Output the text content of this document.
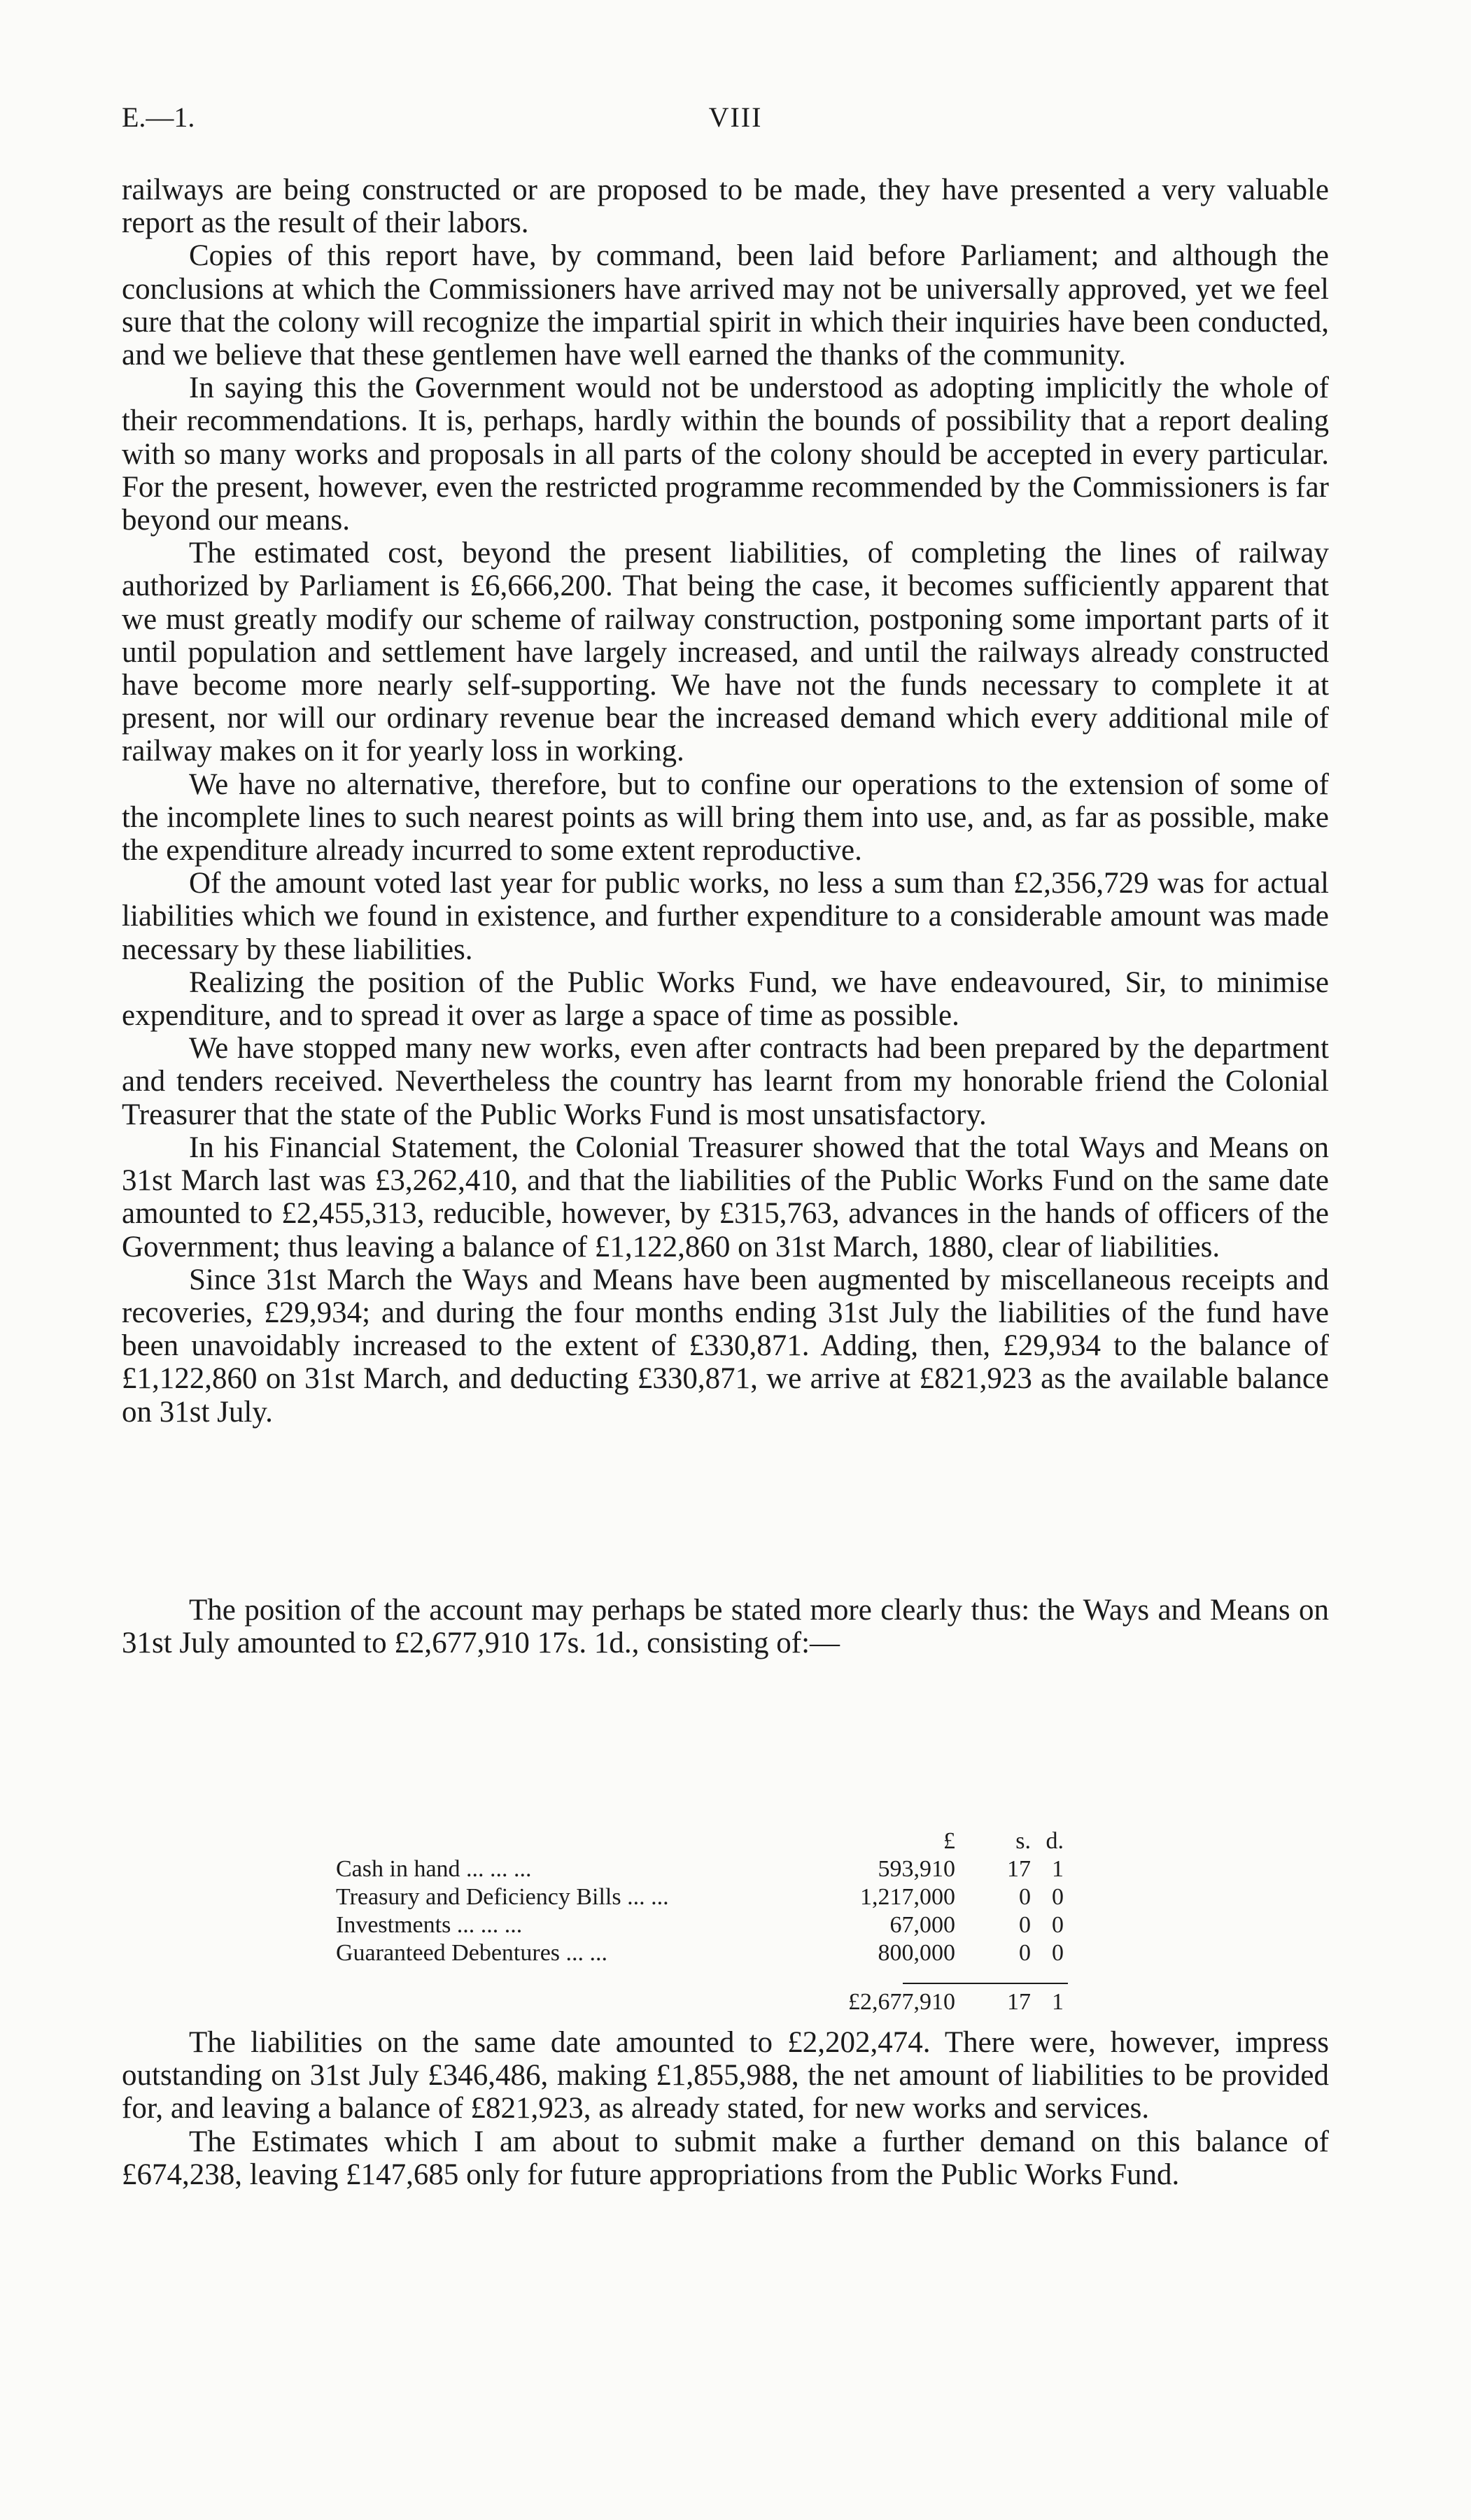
E.—1.	VIII

railways are being constructed or are proposed to be made, they have presented a very valuable report as the result of their labors.

Copies of this report have, by command, been laid before Parliament; and although the conclusions at which the Commissioners have arrived may not be universally approved, yet we feel sure that the colony will recognize the impartial spirit in which their inquiries have been conducted, and we believe that these gentlemen have well earned the thanks of the community.

In saying this the Government would not be understood as adopting implicitly the whole of their recommendations. It is, perhaps, hardly within the bounds of possibility that a report dealing with so many works and proposals in all parts of the colony should be accepted in every particular. For the present, however, even the restricted programme recommended by the Commissioners is far beyond our means.

The estimated cost, beyond the present liabilities, of completing the lines of railway authorized by Parliament is £6,666,200. That being the case, it becomes sufficiently apparent that we must greatly modify our scheme of railway construction, postponing some important parts of it until population and settlement have largely increased, and until the railways already constructed have become more nearly self-supporting. We have not the funds necessary to complete it at present, nor will our ordinary revenue bear the increased demand which every additional mile of railway makes on it for yearly loss in working.

We have no alternative, therefore, but to confine our operations to the extension of some of the incomplete lines to such nearest points as will bring them into use, and, as far as possible, make the expenditure already incurred to some extent reproductive.

Of the amount voted last year for public works, no less a sum than £2,356,729 was for actual liabilities which we found in existence, and further expenditure to a considerable amount was made necessary by these liabilities.

Realizing the position of the Public Works Fund, we have endeavoured, Sir, to minimise expenditure, and to spread it over as large a space of time as possible.

We have stopped many new works, even after contracts had been prepared by the department and tenders received. Nevertheless the country has learnt from my honorable friend the Colonial Treasurer that the state of the Public Works Fund is most unsatisfactory.

In his Financial Statement, the Colonial Treasurer showed that the total Ways and Means on 31st March last was £3,262,410, and that the liabilities of the Public Works Fund on the same date amounted to £2,455,313, reducible, however, by £315,763, advances in the hands of officers of the Government; thus leaving a balance of £1,122,860 on 31st March, 1880, clear of liabilities.

Since 31st March the Ways and Means have been augmented by miscellaneous receipts and recoveries, £29,934; and during the four months ending 31st July the liabilities of the fund have been unavoidably increased to the extent of £330,871. Adding, then, £29,934 to the balance of £1,122,860 on 31st March, and deducting £330,871, we arrive at £821,923 as the available balance on 31st July.

The position of the account may perhaps be stated more clearly thus: the Ways and Means on 31st July amounted to £2,677,910 17s. 1d., consisting of:—

£	s. d.
Cash in hand ... ... ...	593,910	17 1
Treasury and Deficiency Bills ... ...	1,217,000	0 0
Investments ... ... ...	67,000	0 0
Guaranteed Debentures ... ...	800,000	0 0
£2,677,910	17 1

The liabilities on the same date amounted to £2,202,474. There were, however, impress outstanding on 31st July £346,486, making £1,855,988, the net amount of liabilities to be provided for, and leaving a balance of £821,923, as already stated, for new works and services.

The Estimates which I am about to submit make a further demand on this balance of £674,238, leaving £147,685 only for future appropriations from the Public Works Fund.
